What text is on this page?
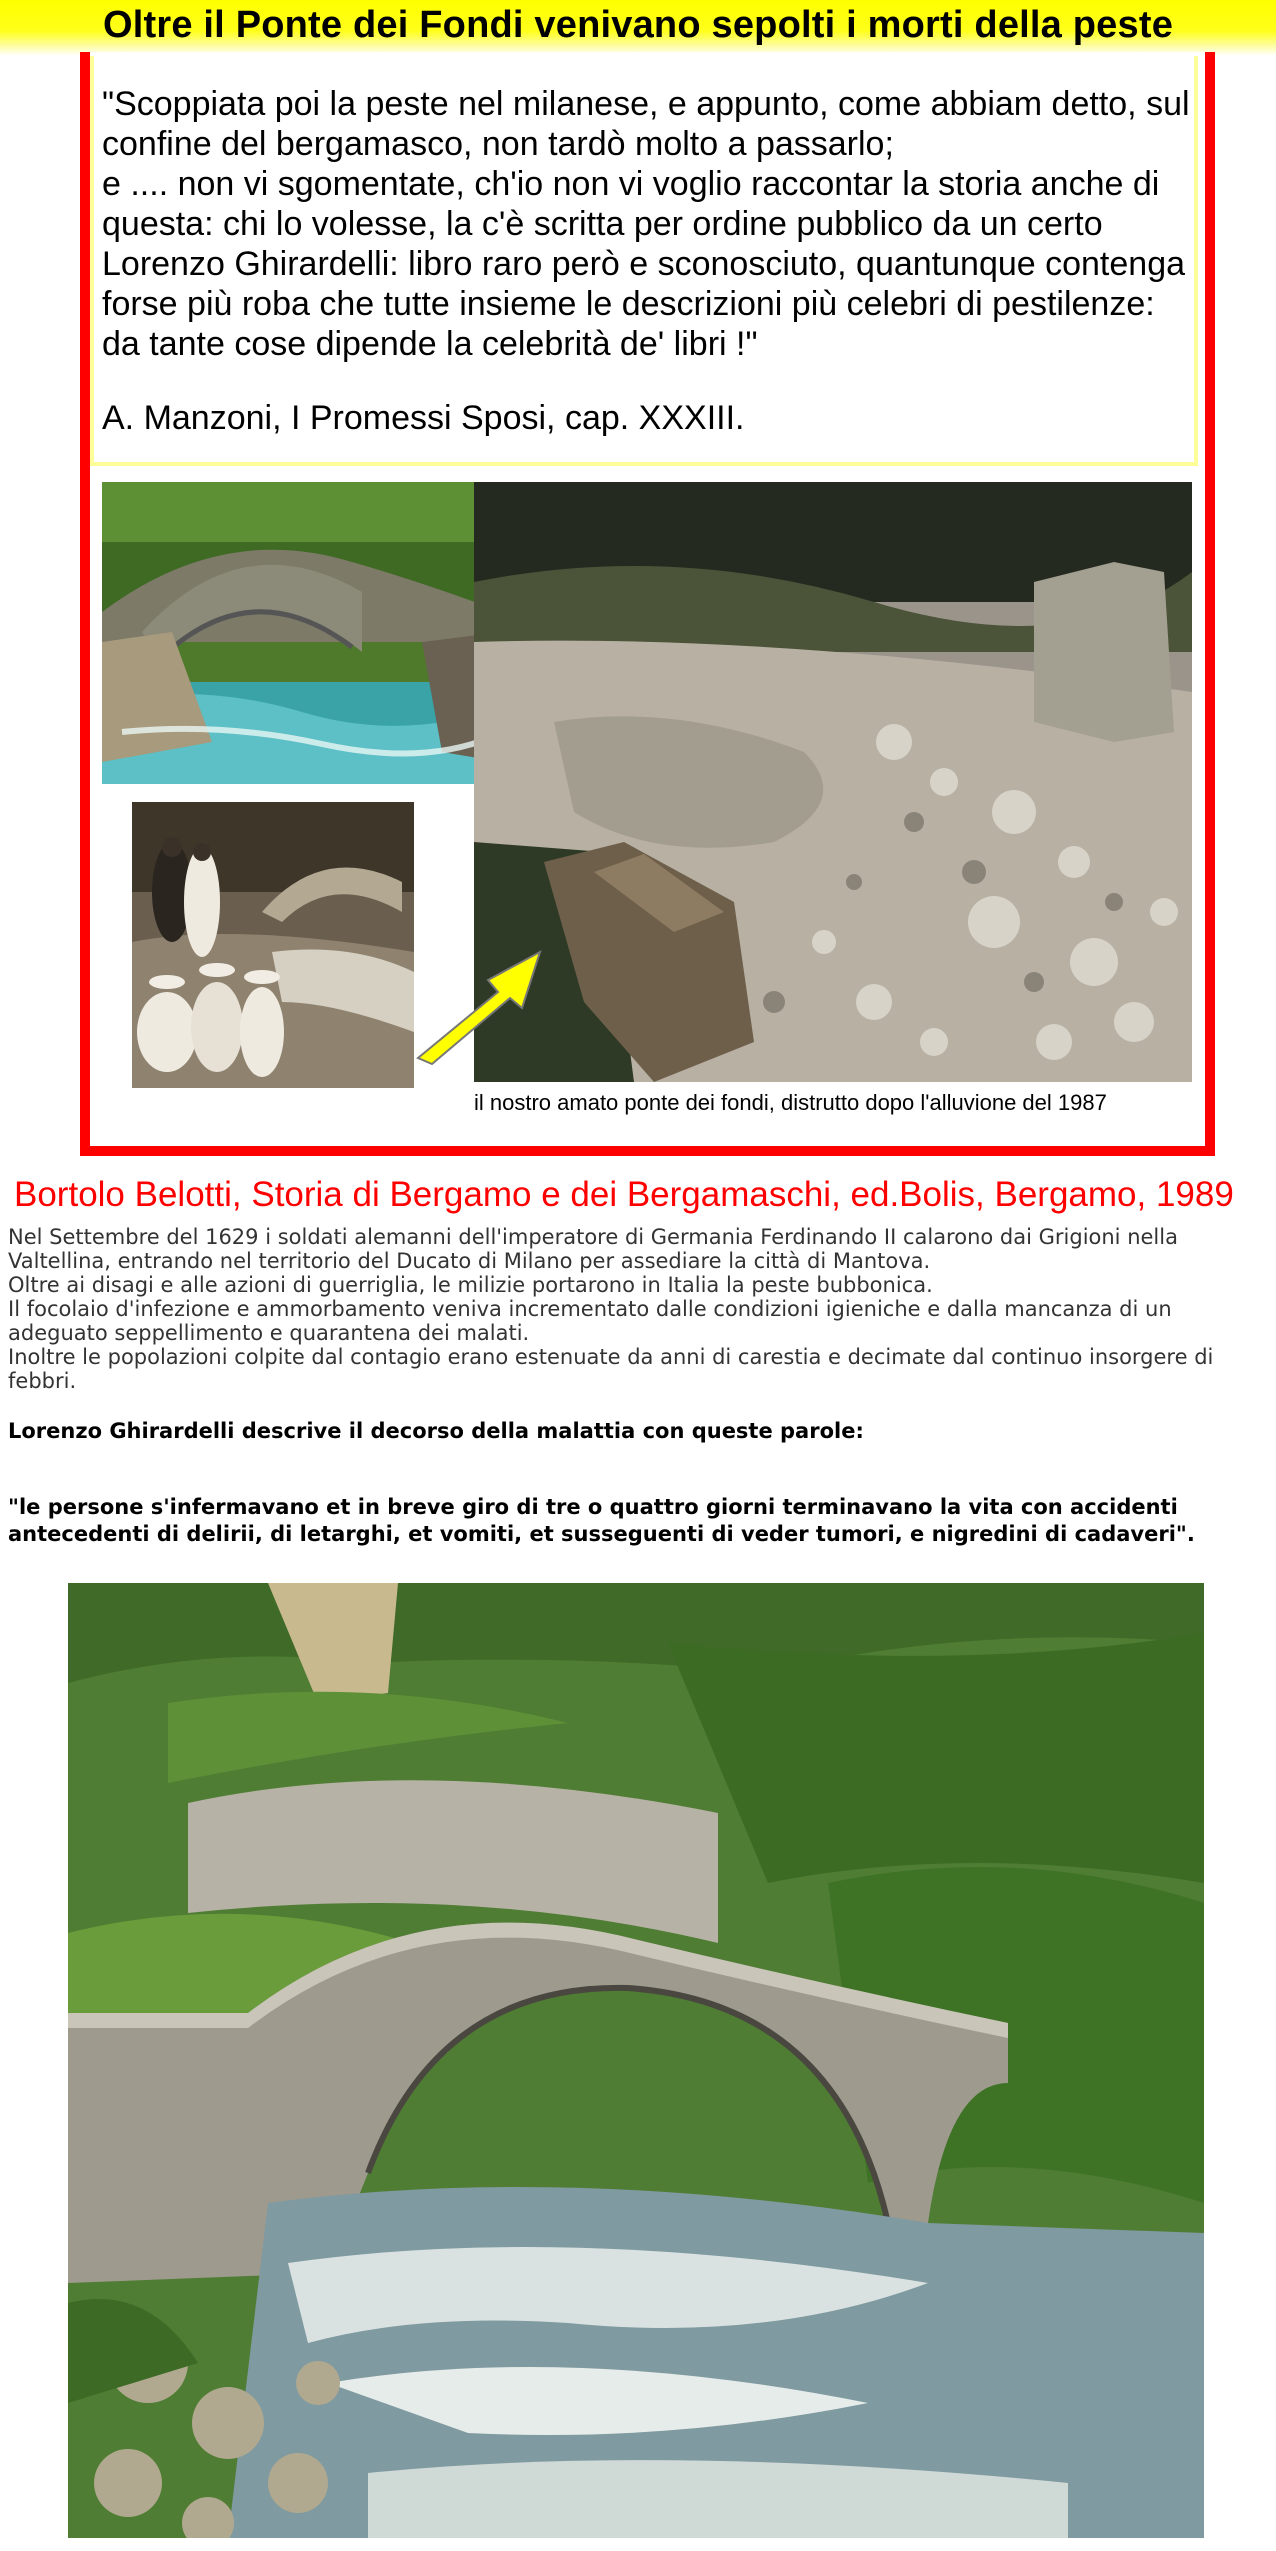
Oltre il Ponte dei Fondi venivano sepolti i morti della peste

"Scoppiata poi la peste nel milanese, e appunto, come abbiam detto, sul confine del bergamasco, non tardò molto a passarlo;
e .... non vi sgomentate, ch'io non vi voglio raccontar la storia anche di questa: chi lo volesse, la c'è scritta per ordine pubblico da un certo Lorenzo Ghirardelli: libro raro però e sconosciuto, quantunque contenga forse più roba che tutte insieme le descrizioni più celebri di pestilenze: da tante cose dipende la celebrità de' libri !"

A. Manzoni, I Promessi Sposi, cap. XXXIII.

il nostro amato ponte dei fondi, distrutto dopo l'alluvione del 1987
Bortolo Belotti, Storia di Bergamo e dei Bergamaschi, ed.Bolis, Bergamo, 1989

Nel Settembre del 1629 i soldati alemanni dell'imperatore di Germania Ferdinando II calarono dai Grigioni nella Valtellina, entrando nel territorio del Ducato di Milano per assediare la città di Mantova.

Oltre ai disagi e alle azioni di guerriglia, le milizie portarono in Italia la peste bubbonica.

Il focolaio d'infezione e ammorbamento veniva incrementato dalle condizioni igieniche e dalla mancanza di un adeguato seppellimento e quarantena dei malati.

Inoltre le popolazioni colpite dal contagio erano estenuate da anni di carestia e decimate dal continuo insorgere di febbri.

Lorenzo Ghirardelli descrive il decorso della malattia con queste parole:
"le persone s'infermavano et in breve giro di tre o quattro giorni terminavano la vita con accidenti antecedenti di delirii, di letarghi, et vomiti, et susseguenti di veder tumori, e nigredini di cadaveri".
